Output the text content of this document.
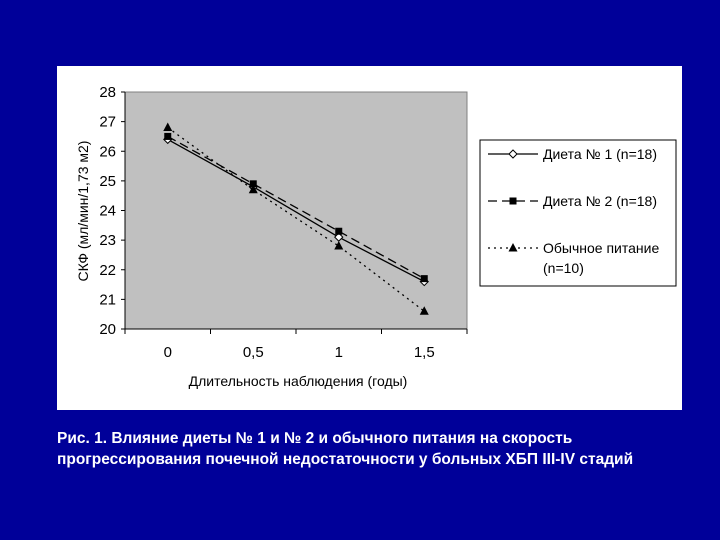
20
21
22
23
24
25
26
27
28
0	0,5	1	1,5
СКФ (мл/мин/1,73 м2)
Длительность наблюдения (годы)
Диета № 1 (n=18)
Диета № 2 (n=18)
Обычное питание
(n=10)

Рис. 1. Влияние диеты № 1 и № 2 и обычного питания на скорость прогрессирования почечной недостаточности у больных ХБП III-IV стадий
